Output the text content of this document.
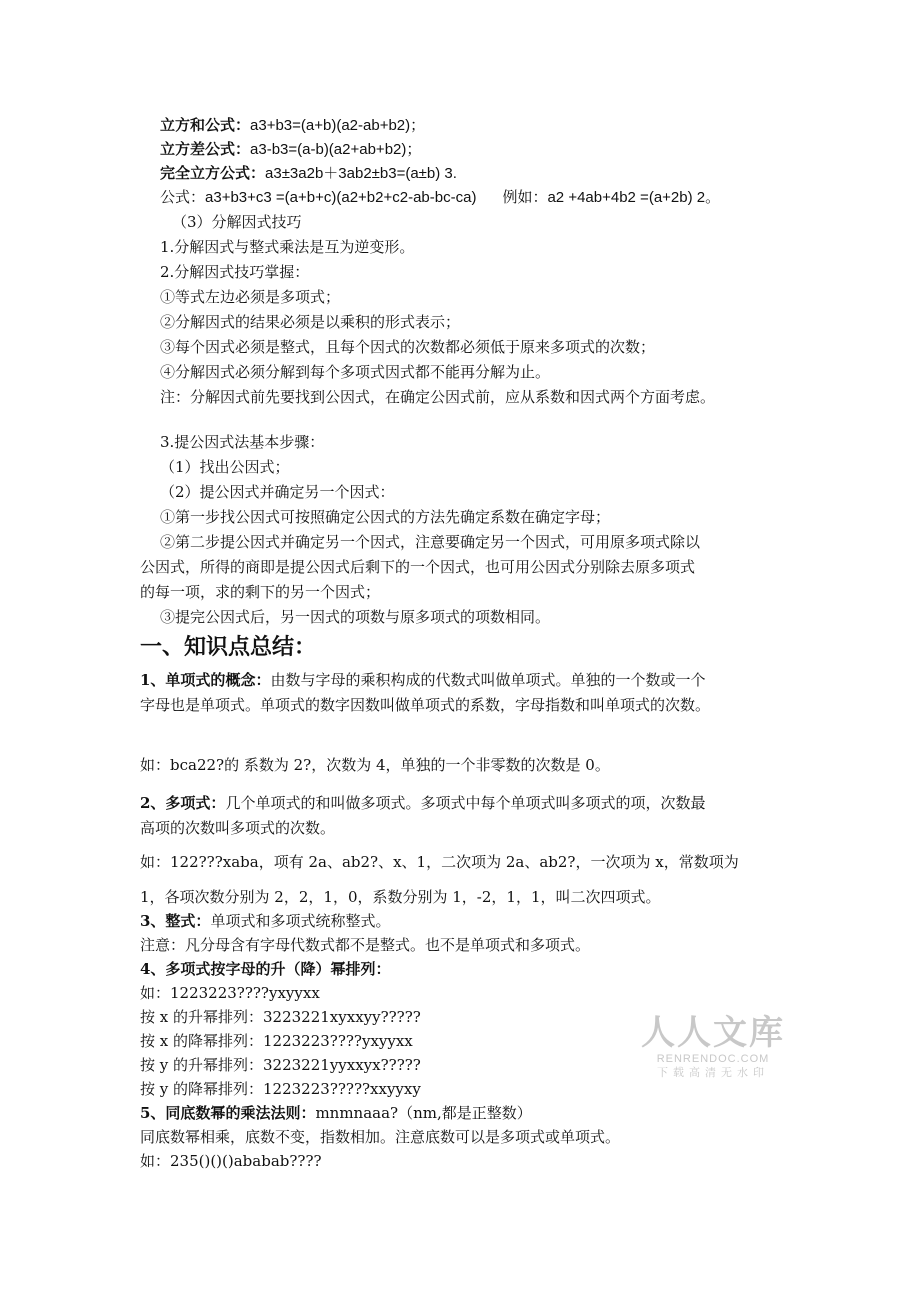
立方和公式：a3+b3=(a+b)(a2-ab+b2)；
立方差公式：a3-b3=(a-b)(a2+ab+b2)；
完全立方公式：a3±3a2b＋3ab2±b3=(a±b) 3.
公式：a3+b3+c3 =(a+b+c)(a2+b2+c2-ab-bc-ca) 例如：a2 +4ab+4b2 =(a+2b) 2。
（3）分解因式技巧
1.分解因式与整式乘法是互为逆变形。
2.分解因式技巧掌握：
①等式左边必须是多项式；
②分解因式的结果必须是以乘积的形式表示；
③每个因式必须是整式，且每个因式的次数都必须低于原来多项式的次数；
④分解因式必须分解到每个多项式因式都不能再分解为止。
注：分解因式前先要找到公因式，在确定公因式前，应从系数和因式两个方面考虑。
3.提公因式法基本步骤：
（1）找出公因式；
（2）提公因式并确定另一个因式：
①第一步找公因式可按照确定公因式的方法先确定系数在确定字母；
②第二步提公因式并确定另一个因式，注意要确定另一个因式，可用原多项式除以
公因式，所得的商即是提公因式后剩下的一个因式，也可用公因式分别除去原多项式
的每一项，求的剩下的另一个因式；
③提完公因式后，另一因式的项数与原多项式的项数相同。
一、知识点总结：
1、单项式的概念：由数与字母的乘积构成的代数式叫做单项式。单独的一个数或一个
字母也是单项式。单项式的数字因数叫做单项式的系数，字母指数和叫单项式的次数。
如：bca22?的 系数为 2?，次数为 4，单独的一个非零数的次数是 0。
2、多项式：几个单项式的和叫做多项式。多项式中每个单项式叫多项式的项，次数最
高项的次数叫多项式的次数。
如：122???xaba，项有 2a、ab2?、x、1，二次项为 2a、ab2?，一次项为 x，常数项为
1，各项次数分别为 2，2，1，0，系数分别为 1，-2，1，1，叫二次四项式。
3、整式：单项式和多项式统称整式。
注意：凡分母含有字母代数式都不是整式。也不是单项式和多项式。
4、多项式按字母的升（降）幂排列：
如：1223223????yxyyxx
按 x 的升幂排列：3223221xyxxyy?????
按 x 的降幂排列：1223223????yxyyxx
按 y 的升幂排列：3223221yyxxyx?????
按 y 的降幂排列：1223223?????xxyyxy
5、同底数幂的乘法法则：mnmnaaa?（nm,都是正整数）
同底数幂相乘，底数不变，指数相加。注意底数可以是多项式或单项式。
如：235()()()ababab????
人人文库
RENRENDOC.COM
下载高清无水印
